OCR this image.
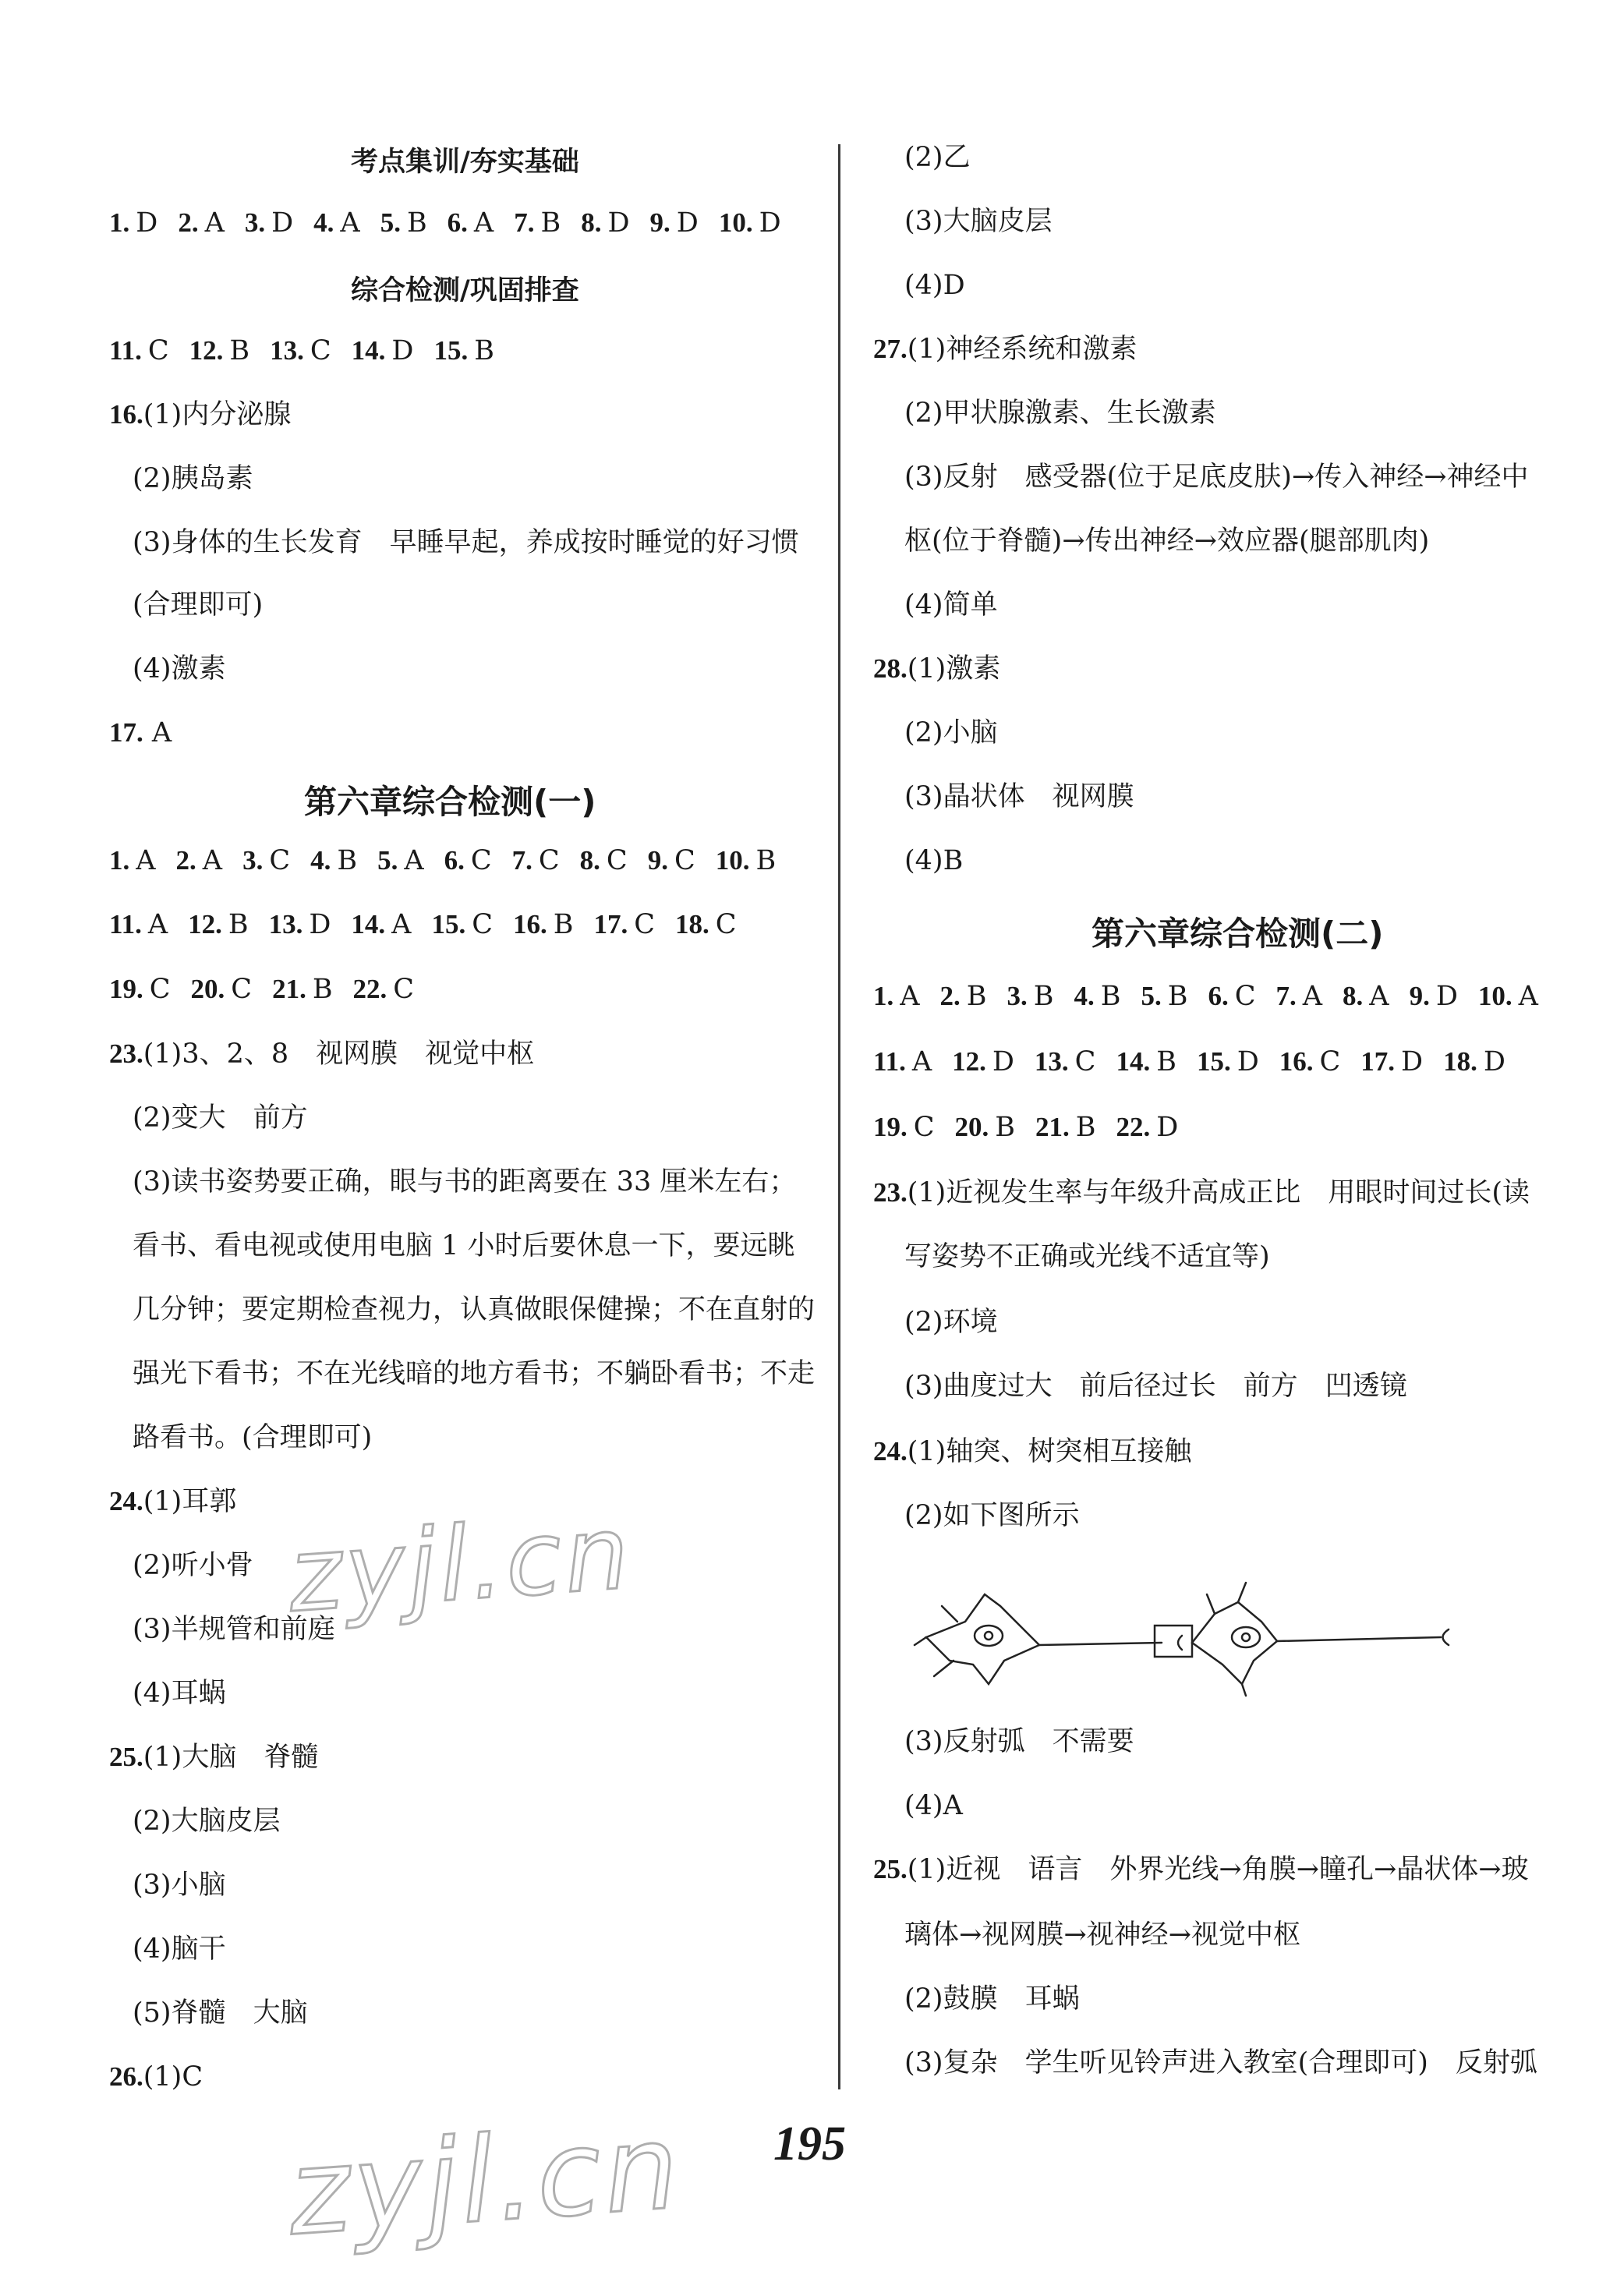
考点集训/夯实基础
1. D 2. A 3. D 4. A 5. B 6. A 7. B 8. D 9. D 10. D
综合检测/巩固排查
11. C 12. B 13. C 14. D 15. B
16.(1)内分泌腺
(2)胰岛素
(3)身体的生长发育　早睡早起，养成按时睡觉的好习惯
(合理即可)
(4)激素
17. A
第六章综合检测(一)
1. A 2. A 3. C 4. B 5. A 6. C 7. C 8. C 9. C 10. B
11. A 12. B 13. D 14. A 15. C 16. B 17. C 18. C
19. C 20. C 21. B 22. C
23.(1)3、2、8　视网膜　视觉中枢
(2)变大　前方
(3)读书姿势要正确，眼与书的距离要在 33 厘米左右；
看书、看电视或使用电脑 1 小时后要休息一下，要远眺
几分钟；要定期检查视力，认真做眼保健操；不在直射的
强光下看书；不在光线暗的地方看书；不躺卧看书；不走
路看书。(合理即可)
24.(1)耳郭
(2)听小骨
(3)半规管和前庭
(4)耳蜗
25.(1)大脑　脊髓
(2)大脑皮层
(3)小脑
(4)脑干
(5)脊髓　大脑
26.(1)C
(2)乙
(3)大脑皮层
(4)D
27.(1)神经系统和激素
(2)甲状腺激素、生长激素
(3)反射　感受器(位于足底皮肤)→传入神经→神经中
枢(位于脊髓)→传出神经→效应器(腿部肌肉)
(4)简单
28.(1)激素
(2)小脑
(3)晶状体　视网膜
(4)B
第六章综合检测(二)
1. A 2. B 3. B 4. B 5. B 6. C 7. A 8. A 9. D 10. A
11. A 12. D 13. C 14. B 15. D 16. C 17. D 18. D
19. C 20. B 21. B 22. D
23.(1)近视发生率与年级升高成正比　用眼时间过长(读
写姿势不正确或光线不适宜等)
(2)环境
(3)曲度过大　前后径过长　前方　凹透镜
24.(1)轴突、树突相互接触
(2)如下图所示
(3)反射弧　不需要
(4)A
25.(1)近视　语言　外界光线→角膜→瞳孔→晶状体→玻
璃体→视网膜→视神经→视觉中枢
(2)鼓膜　耳蜗
(3)复杂　学生听见铃声进入教室(合理即可)　反射弧
195
zyjl.cn
zyjl.cn
